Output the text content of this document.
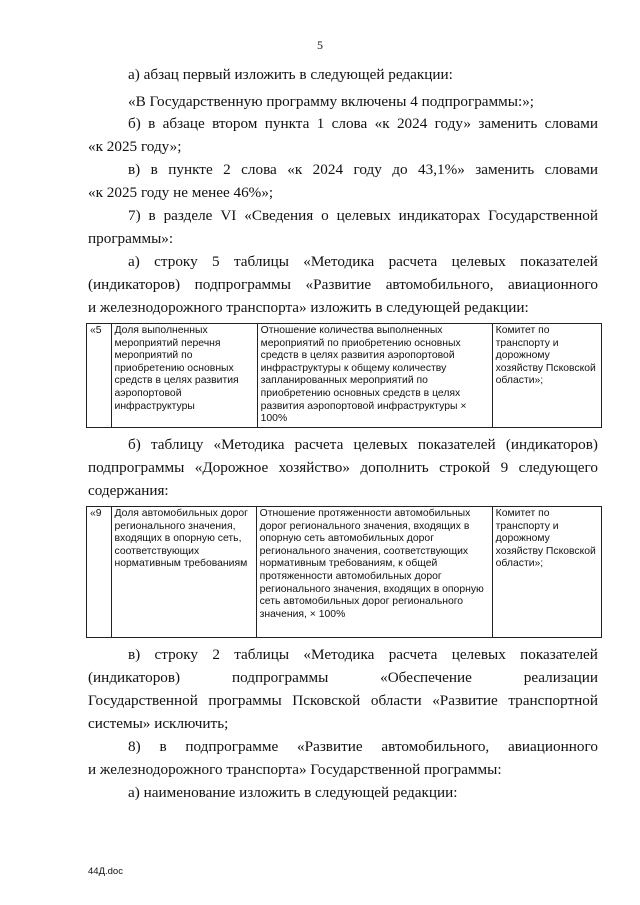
5
а) абзац первый изложить в следующей редакции:
«В Государственную программу включены 4 подпрограммы:»;
б) в абзаце втором пункта 1 слова «к 2024 году» заменить словами
«к 2025 году»;
в) в пункте 2 слова «к 2024 году до 43,1%» заменить словами
«к 2025 году не менее 46%»;
7) в разделе VI «Сведения о целевых индикаторах Государственной
программы»:
а) строку 5 таблицы «Методика расчета целевых показателей
(индикаторов) подпрограммы «Развитие автомобильного, авиационного
и железнодорожного транспорта» изложить в следующей редакции:
«5	Доля выполненных мероприятий перечня мероприятий по приобретению основных средств в целях развития аэропортовой инфраструктуры	Отношение количества выполненных мероприятий по приобретению основных средств в целях развития аэропортовой инфраструктуры к общему количеству запланированных мероприятий по приобретению основных средств в целях развития аэропортовой инфраструктуры × 100%	Комитет по транспорту и дорожному хозяйству Псковской области»;
б) таблицу «Методика расчета целевых показателей (индикаторов)
подпрограммы «Дорожное хозяйство» дополнить строкой 9 следующего
содержания:
«9	Доля автомобильных дорог регионального значения, входящих в опорную сеть, соответствующих нормативным требованиям	Отношение протяженности автомобильных дорог регионального значения, входящих в опорную сеть автомобильных дорог регионального значения, соответствующих нормативным требованиям, к общей протяженности автомобильных дорог регионального значения, входящих в опорную сеть автомобильных дорог регионального значения, × 100%	Комитет по транспорту и дорожному хозяйству Псковской области»;
в) строку 2 таблицы «Методика расчета целевых показателей
(индикаторов)	подпрограммы	«Обеспечение	реализации
Государственной программы Псковской области «Развитие транспортной
системы» исключить;
8) в подпрограмме «Развитие автомобильного, авиационного
и железнодорожного транспорта» Государственной программы:
а) наименование изложить в следующей редакции:
44Д.doc
